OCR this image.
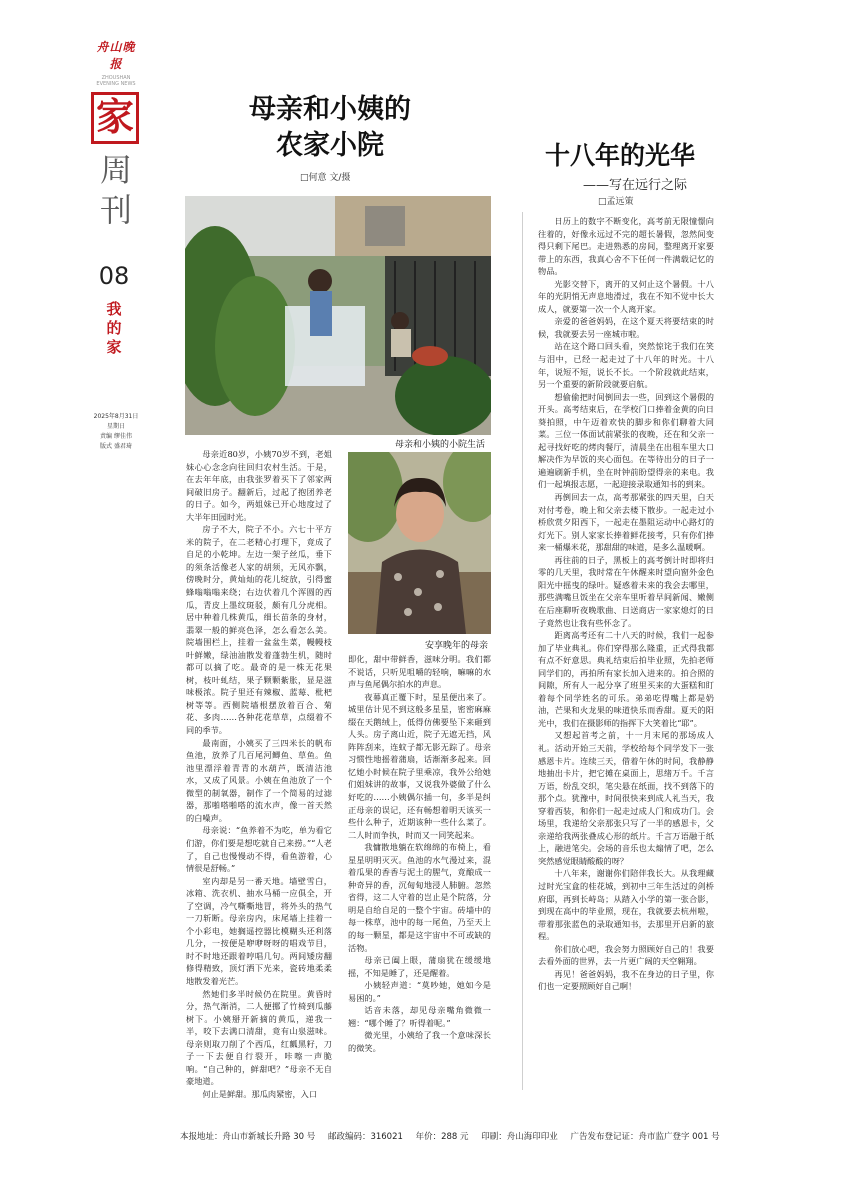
舟山晚报
ZHOUSHAN EVENING NEWS
家
周刊
08
我的家
2025年8月31日
星期日
责编 缪佳伟
版式 盛君琦
母亲和小姨的
农家小院
□何意 文/摄
母亲和小姨的小院生活
安享晚年的母亲

母亲近80岁，小姨70岁不到，老姐妹心心念念向往回归农村生活。于是，在去年年底，由我张罗着买下了邻家两间破旧房子。翻新后，过起了抱团养老的日子。如今，两姐妹已开心地度过了大半年田园时光。

房子不大，院子不小。六七十平方米的院子，在二老精心打理下，竟成了自足的小乾坤。左边一架子丝瓜，垂下的须条活像老人家的胡须，无风亦飘，傍晚时分，黄灿灿的花儿绽放，引得蜜蜂嗡嗡嗡来绕；右边伏着几个浑圆的西瓜，青皮上墨纹斑驳，颇有几分虎相。居中种着几株黄瓜，细长苗条的身材，翡翠一般的鲜亮色泽，怎么看怎么美。院墙围栏上，挂着一盆盆生菜，幔幔枝叶鲜嫩，绿油油散发着蓬勃生机，随时都可以摘了吃。最奇的是一株无花果树，枝叶虬结，果子颗颗紫胀，显是滋味极浓。院子里还有辣椒、蓝莓、枇杷树等等。西侧院墙根摆放着百合、菊花、多肉……各种花花草草，点缀着不同的季节。

最南面，小姨买了三四米长的帆布鱼池，放养了几百尾河鲫鱼、草鱼。鱼池里漂浮着青青的水葫芦，既清洁池水，又成了风景。小姨在鱼池放了一个微型的制氧器，制作了一个简易的过滤器，那啪嗒啪嗒的流水声，像一首天然的白噪声。

母亲说：“鱼养着不为吃，单为看它们游，你们要是想吃就自己来捞。”“人老了，自己也慢慢动不得，看鱼游着，心情很是舒畅。”

室内却是另一番天地。墙壁雪白，冰箱、洗衣机、抽水马桶一应俱全，开了空调，冷气嘶嘶地冒，将外头的热气一刀斩断。母亲房内，床尾墙上挂着一个小彩电，她搁遥控器比模糊头还利落几分，一按便是咿咿呀呀的唱戏节目，时不时地还跟着哼唱几句。两间矮房翻修得精致，顶灯洒下光来，瓷砖地柔柔地散发着光芒。

然她们多半时候仍在院里。黄昏时分，热气渐消，二人便挪了竹椅到瓜藤树下。小姨掰开新摘的黄瓜，递我一半，咬下去满口清甜，竟有山泉滋味。母亲则取刀削了个西瓜，红瓤黑籽，刀子一下去便自行裂开，咔嚓一声脆响。“自己种的，鲜甜吧？”母亲不无自豪地道。

何止是鲜甜。那瓜肉紧密，入口

即化，甜中带鲜香，滋味分明。我们都不说话，只听见咀嚼的轻响，嘛嘛的水声与鱼尾偶尔拍水的声息。

夜幕真正覆下时，星星便出来了。城里估计见不到这般多星星，密密麻麻缀在天鹅绒上，低得仿佛要坠下来砸到人头。房子离山近，院子无遮无挡，风阵阵刮来，连蚊子都无影无踪了。母亲习惯性地摇着蒲扇，话渐渐多起来。回忆她小时候在院子里乘凉，我外公给她们姐妹讲的故事，又说我外婆做了什么好吃的……小姨偶尔插一句，多半是纠正母亲的误记，还有畅想着明天该买一些什么种子，近期该种一些什么菜了。二人时而争执，时而又一同笑起来。

我慵散地躺在软绵绵的布椅上，看星星明明灭灭。鱼池的水气漫过来，混着瓜果的香香与泥土的腥气，竟酿成一种奇异的香，沉甸甸地浸人肺腑。忽然省得，这二人守着的岂止是个院落，分明是自给自足的一整个宇宙。砖墙中的每一株草，池中的每一尾鱼，乃至天上的每一颗星，都是这宇宙中不可或缺的活物。

母亲已阖上眼，蒲扇犹在缓缓地摇，不知是睡了，还是醒着。

小姨轻声道：“莫吵她，她如今是易困的。”

话音未落，却见母亲嘴角微微一翘：“哪个睡了？听得着呢。”

微光里，小姨给了我一个意味深长的微笑。

十八年的光华
——写在远行之际
□孟远策

日历上的数字不断变化，高考前无限憧憬向往着的，好像永远过不完的超长暑假，忽然间变得只剩下尾巴。走进熟悉的房间，整理离开家要带上的东西，我真心舍不下任何一件满载记忆的物品。

光影交替下，离开的又何止这个暑假。十八年的光阴悄无声息地滑过，我在不知不觉中长大成人，就要第一次一个人离开家。

亲爱的爸爸妈妈，在这个夏天将要结束的时候，我就要去另一座城市啦。

站在这个路口回头看，突然惊诧于我们在笑与泪中，已经一起走过了十八年的时光。十八年，说短不短，说长不长。一个阶段就此结束，另一个重要的新阶段就要启航。

想偷偷把时间倒回去一些，回到这个暑假的开头。高考结束后，在学校门口捧着金黄的向日葵拍照，中午迈着欢快的脚步和你们聊着大同菜。三位一体面试前紧张的夜晚，还在和父亲一起寻找好吃的烤肉餐厅，清晨坐在出租车里大口解决作为早饭的夹心面包。在等待出分的日子一遍遍刷新手机，坐在时钟前盼望得亲的来电。我们一起填报志愿，一起迎接录取通知书的到来。

再倒回去一点，高考那紧张的四天里，白天对付考卷，晚上和父亲去楼下散步。一起走过小桥欣赏夕阳西下，一起走在墨阻运动中心路灯的灯光下。别人家家长捧着鲜花接考，只有你们捧来一桶爆米花，那甜甜的味道，是多么温暖啊。

再往前的日子，黑板上的高考倒计时即将归零的几天里，我时常在午休醒来时望向窗外金色阳光中摇曳的绿叶。疑惑着未来的我会去哪里，那些满嘴旦饭坐在父亲车里听着早间新闻、嫩侧在后座聊听夜晚歌曲、日送商店一家家熄灯的日子竟然也让我有些怀念了。

距离高考还有二十八天的时候，我们一起参加了毕业典礼。你们穿得那么隆重，正式得我都有点不好意思。典礼结束后拍毕业照，先拍老师同学们的，再拍所有家长加入进来的。拍合照的间隙，所有人一起分享了班里买来的大蛋糕和盯着每个同学姓名的可乐。弟弟吃得嘴上都是奶油，芒果和火龙果的味道快乐而香甜。夏天的阳光中，我们在摄影师的指挥下大笑着比“耶”。

又想起首考之前，十一月末尾的那场成人礼。活动开始三天前，学校给每个同学发下一张感恩卡片。连续三天，借着午休的时间，我静静地抽出卡片，把它摊在桌面上，思绪万千。千言万语，纷乱交织，笔尖悬在纸面，找不到落下的那个点。犹豫中，时间很快来到成人礼当天，我穿着西装，和你们一起走过成人门和成功门。会场里，我递给父亲那张只写了一半的感恩卡，父亲递给我两张叠成心形的纸片。千言万语融于纸上，融进笔尖。会场的音乐也太煽情了吧，怎么突然感觉眼睛酸酸的呀？

十八年来，谢谢你们陪伴我长大。从我理藏过时光宝盒的桂花城，到初中三年生活过的剑桥府邸，再到长峙岛；从踏入小学的第一张合影，到现在高中的毕业照，现在，我就要去杭州啦，带着那张蓝色的录取通知书，去那里开启新的旅程。

你们放心吧，我会努力照顾好自己的！我要去看外面的世界，去一片更广阔的天空翱翔。

再见！爸爸妈妈，我不在身边的日子里，你们也一定要照顾好自己啊！

本报地址：舟山市新城长升路 30 号 邮政编码：316021 年价：288 元 印刷：舟山海印印业 广告发布登记证：舟市监广登字 001 号
